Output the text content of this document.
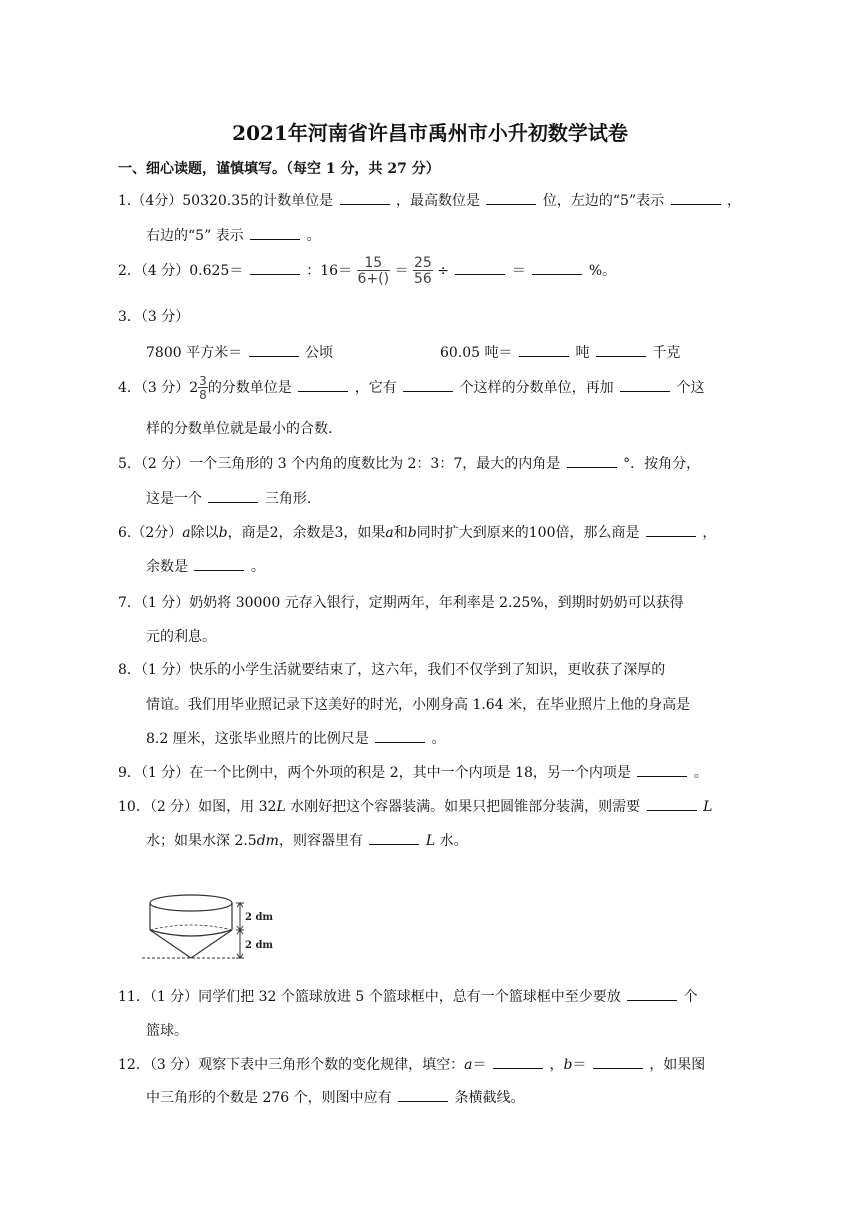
2021年河南省许昌市禹州市小升初数学试卷
一、细心读题，谨慎填写。（每空 1 分，共 27 分）
1.（4分）50320.35的计数单位是	，最高数位是	位，左边的“5”表示	，
右边的“5” 表示	。
2．（4 分）0.625＝	：$16= \frac{15}{6+()} = \frac{25}{56}$ ÷	＝	%。
3．（3 分）
7800 平方米＝	公顷	60.05 吨＝	吨	千克
4．（3 分）$2 \frac{3}{8}$ 的分数单位是	，它有	个这样的分数单位，再加	个这
样的分数单位就是最小的合数.
5．（2 分）一个三角形的 3 个内角的度数比为 2：3：7，最大的内角是	°．按角分，
这是一个	三角形.
6.（2分）a除以b，商是2，余数是3，如果a和b同时扩大到原来的100倍，那么商是	，
余数是	。
7．（1 分）奶奶将 30000 元存入银行，定期两年，年利率是 2.25%，到期时奶奶可以获得
元的利息。
8．（1 分）快乐的小学生活就要结束了，这六年，我们不仅学到了知识，更收获了深厚的
情谊。我们用毕业照记录下这美好的时光，小刚身高 1.64 米，在毕业照片上他的身高是
8.2 厘米，这张毕业照片的比例尺是	。
9．（1 分）在一个比例中，两个外项的积是 2，其中一个内项是 18，另一个内项是	。
10．（2 分）如图，用 32L 水刚好把这个容器装满。如果只把圆锥部分装满，则需要	L
水；如果水深 2.5dm，则容器里有	L 水。
2 dm
2 dm
11．（1 分）同学们把 32 个篮球放进 5 个篮球框中，总有一个篮球框中至少要放	个
篮球。
12．（3 分）观察下表中三角形个数的变化规律，填空：a＝	，b＝	，如果图
中三角形的个数是 276 个，则图中应有	条横截线。
